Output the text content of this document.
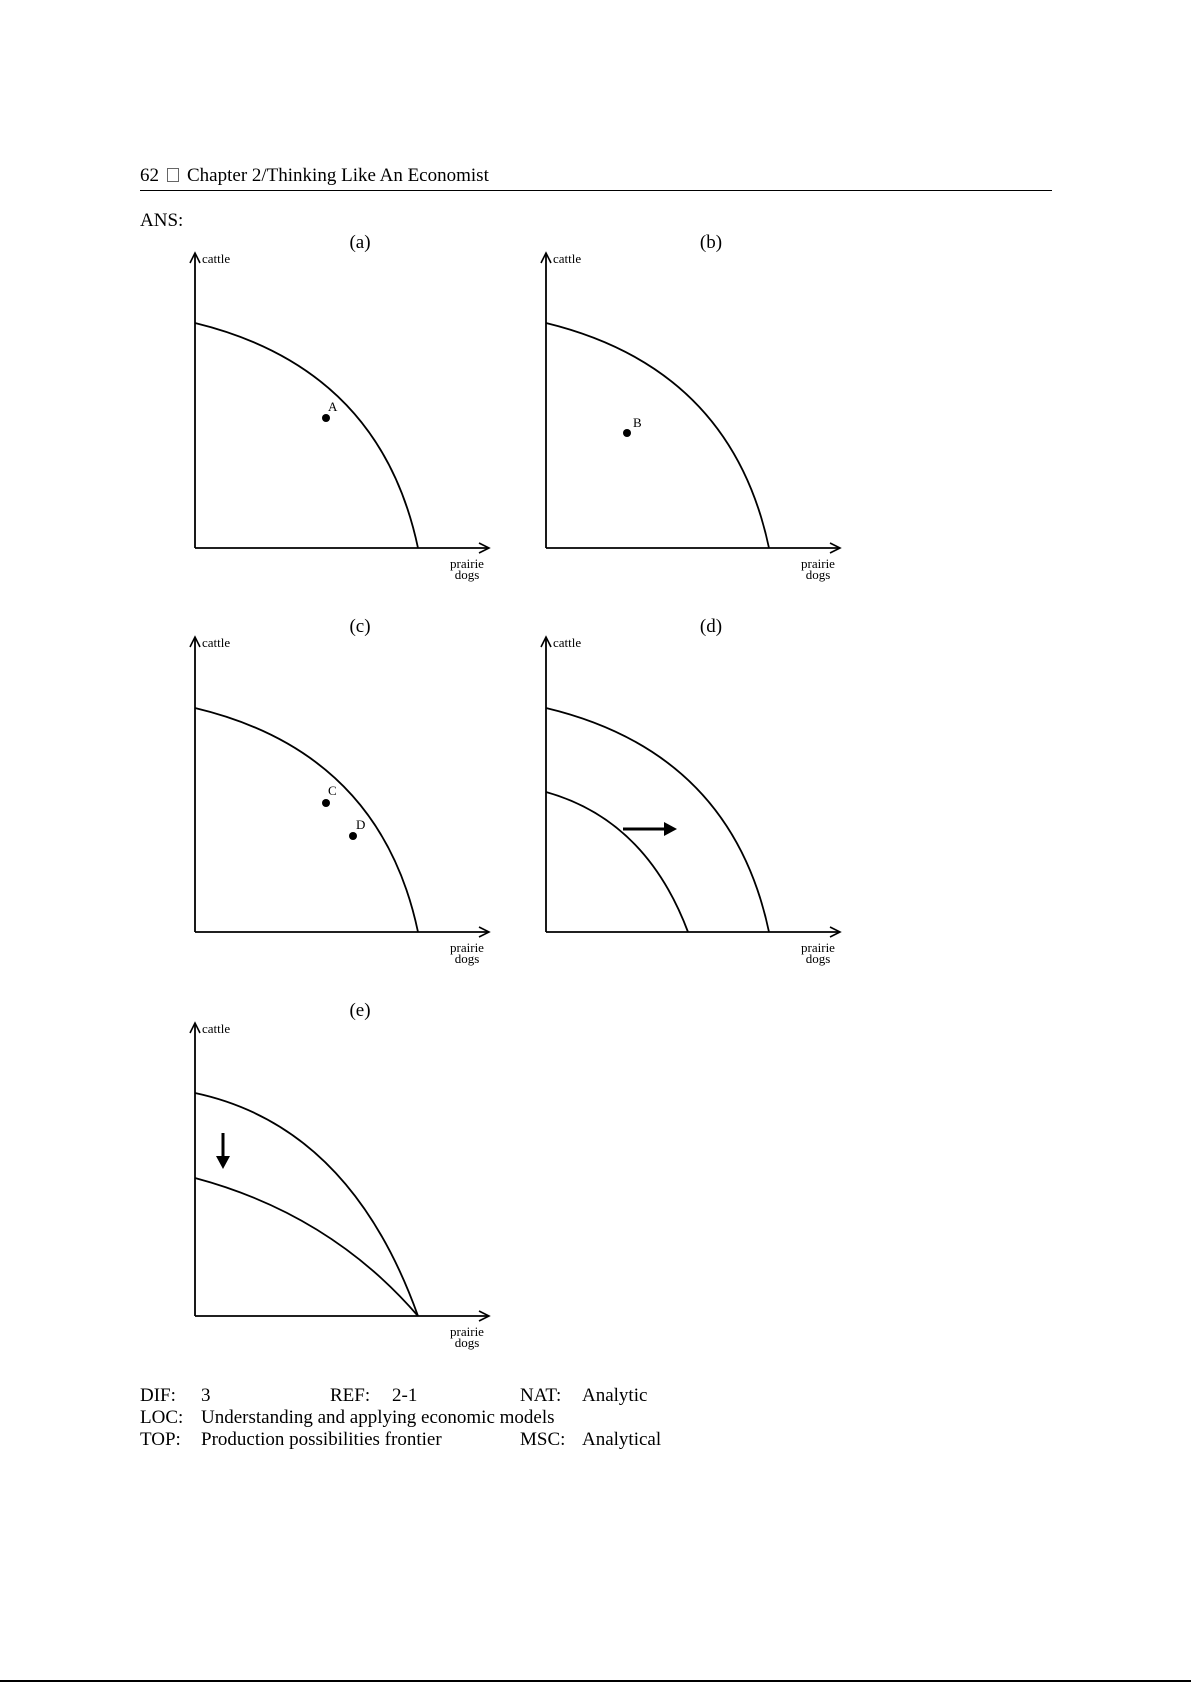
62 Chapter 2/Thinking Like An Economist
ANS:
(a)
cattle
prairie
dogs
A
(b)
cattle
prairie
dogs
B
(c)
cattle
prairie
dogs
C
D
(d)
cattle
prairie
dogs
(e)
cattle
prairie
dogs
DIF: 3	REF: 2-1	NAT: Analytic
LOC: Understanding and applying economic models
TOP: Production possibilities frontier	MSC: Analytical
